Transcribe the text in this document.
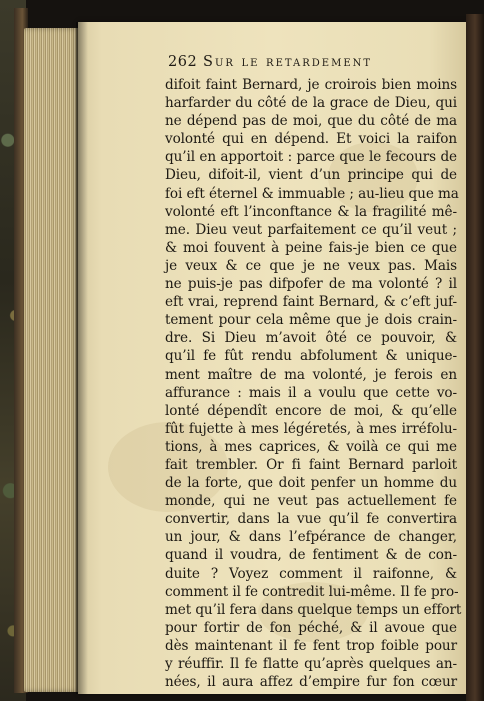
262 Sur le retardement
difoit faint Bernard, je croirois bien moins
harfarder du côté de la grace de Dieu, qui
ne dépend pas de moi, que du côté de ma
volonté qui en dépend. Et voici la raifon
qu’il en apportoit : parce que le fecours de
Dieu, difoit-il, vient d’un principe qui de
foi eft éternel & immuable ; au-lieu que ma
volonté eft l’inconftance & la fragilité mê-
me. Dieu veut parfaitement ce qu’il veut ;
& moi fouvent à peine fais-je bien ce que
je veux & ce que je ne veux pas. Mais
ne puis-je pas difpofer de ma volonté ? il
eft vrai, reprend faint Bernard, & c’eft juf-
tement pour cela même que je dois crain-
dre. Si Dieu m’avoit ôté ce pouvoir, &
qu’il fe fût rendu abfolument & unique-
ment maître de ma volonté, je ferois en
affurance : mais il a voulu que cette vo-
lonté dépendît encore de moi, & qu’elle
fût fujette à mes légéretés, à mes irréfolu-
tions, à mes caprices, & voilà ce qui me
fait trembler. Or fi faint Bernard parloit
de la forte, que doit penfer un homme du
monde, qui ne veut pas actuellement fe
convertir, dans la vue qu’il fe convertira
un jour, & dans l’efpérance de changer,
quand il voudra, de fentiment & de con-
duite ? Voyez comment il raifonne, &
comment il fe contredit lui-même. Il fe pro-
met qu’il fera dans quelque temps un effort
pour fortir de fon péché, & il avoue que
dès maintenant il fe fent trop foible pour
y réuffir. Il fe flatte qu’après quelques an-
nées, il aura affez d’empire fur fon cœur
